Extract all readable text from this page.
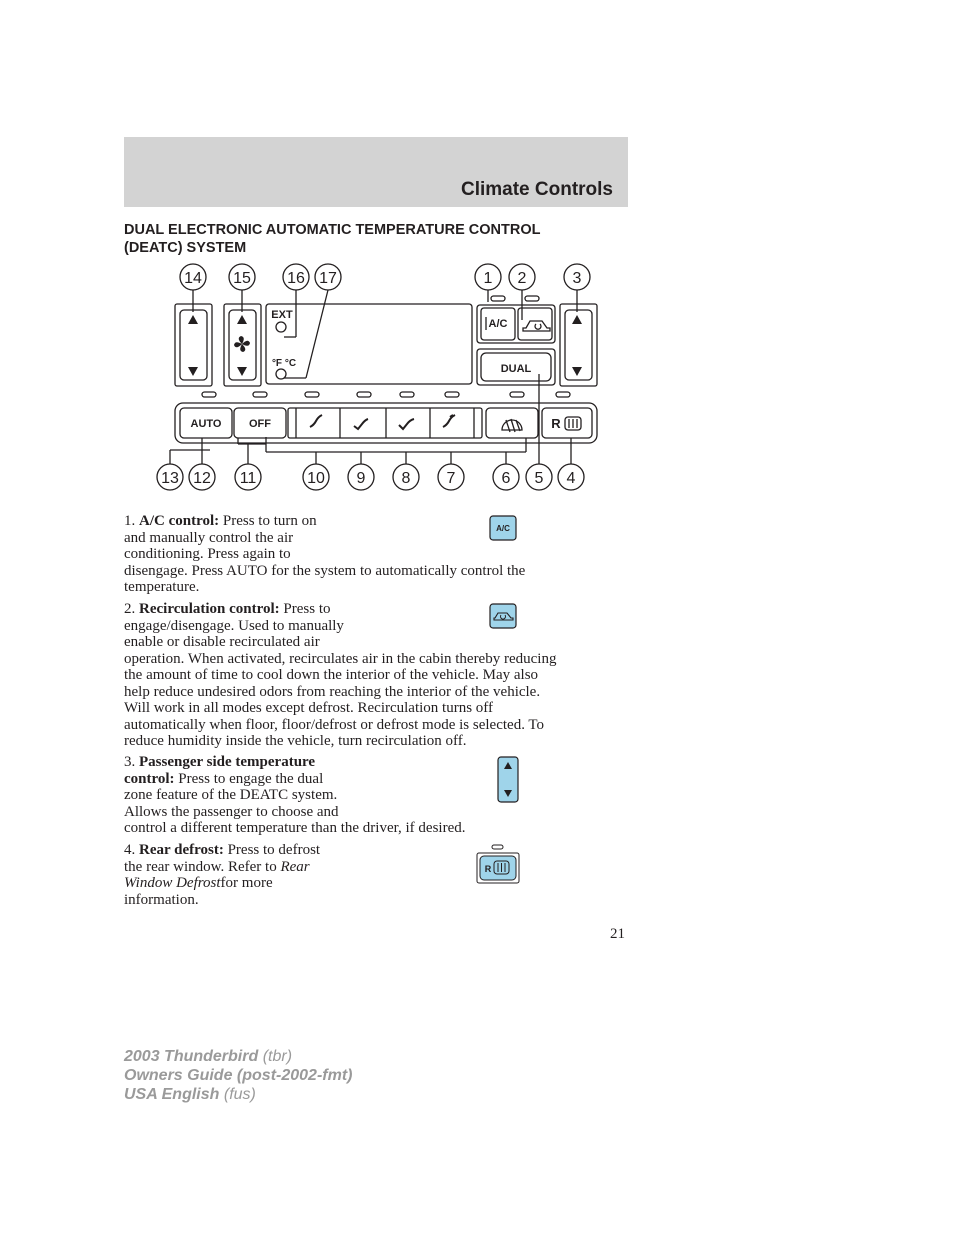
Climate Controls
DUAL ELECTRONIC AUTOMATIC TEMPERATURE CONTROL
(DEATC) SYSTEM
EXT
°F °C
A/C
DUAL
AUTO	OFF	R
14 15 16 17	1 2	3
13 12 11	10 9 8 7	6 5 4
1. A/C control: Press to turn on
and manually control the air
conditioning. Press again to
disengage. Press AUTO for the system to automatically control the
temperature.
A/C
2. Recirculation control: Press to
engage/disengage. Used to manually
enable or disable recirculated air
operation. When activated, recirculates air in the cabin thereby reducing
the amount of time to cool down the interior of the vehicle. May also
help reduce undesired odors from reaching the interior of the vehicle.
Will work in all modes except defrost. Recirculation turns off
automatically when floor, floor/defrost or defrost mode is selected. To
reduce humidity inside the vehicle, turn recirculation off.
3. Passenger side temperature
control: Press to engage the dual
zone feature of the DEATC system.
Allows the passenger to choose and
control a different temperature than the driver, if desired.
4. Rear defrost: Press to defrost
the rear window. Refer to Rear
Window Defrostfor more
information.
R
21
2003 Thunderbird (tbr)
Owners Guide (post-2002-fmt)
USA English (fus)
